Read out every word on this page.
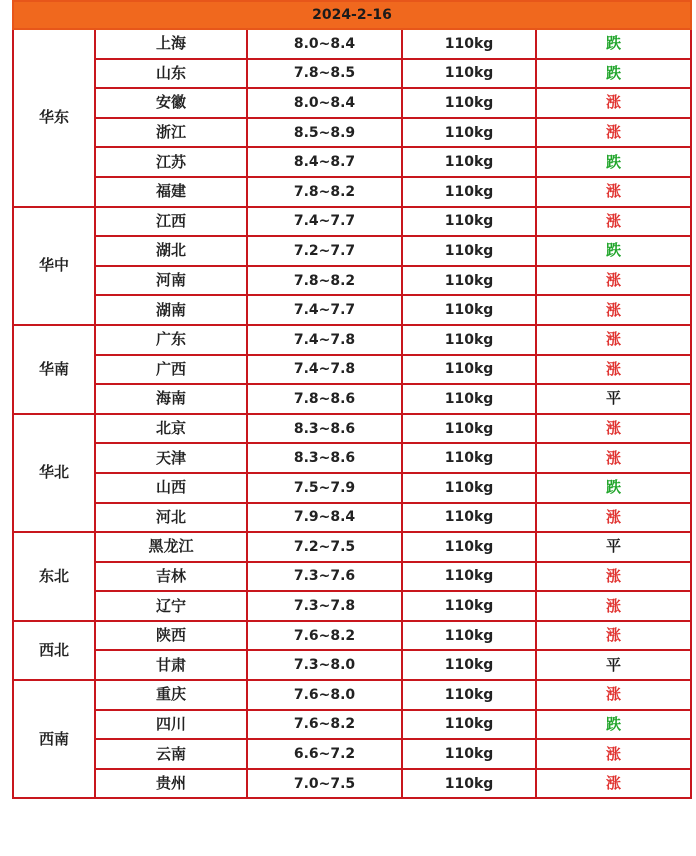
2024-2-16				
华东	上海	8.0~8.4	110kg	跌
	山东	7.8~8.5	110kg	跌
	安徽	8.0~8.4	110kg	涨
	浙江	8.5~8.9	110kg	涨
	江苏	8.4~8.7	110kg	跌
	福建	7.8~8.2	110kg	涨
华中	江西	7.4~7.7	110kg	涨
	湖北	7.2~7.7	110kg	跌
	河南	7.8~8.2	110kg	涨
	湖南	7.4~7.7	110kg	涨
华南	广东	7.4~7.8	110kg	涨
	广西	7.4~7.8	110kg	涨
	海南	7.8~8.6	110kg	平
华北	北京	8.3~8.6	110kg	涨
	天津	8.3~8.6	110kg	涨
	山西	7.5~7.9	110kg	跌
	河北	7.9~8.4	110kg	涨
东北	黑龙江	7.2~7.5	110kg	平
	吉林	7.3~7.6	110kg	涨
	辽宁	7.3~7.8	110kg	涨
西北	陕西	7.6~8.2	110kg	涨
	甘肃	7.3~8.0	110kg	平
西南	重庆	7.6~8.0	110kg	涨
	四川	7.6~8.2	110kg	跌
	云南	6.6~7.2	110kg	涨
	贵州	7.0~7.5	110kg	涨
